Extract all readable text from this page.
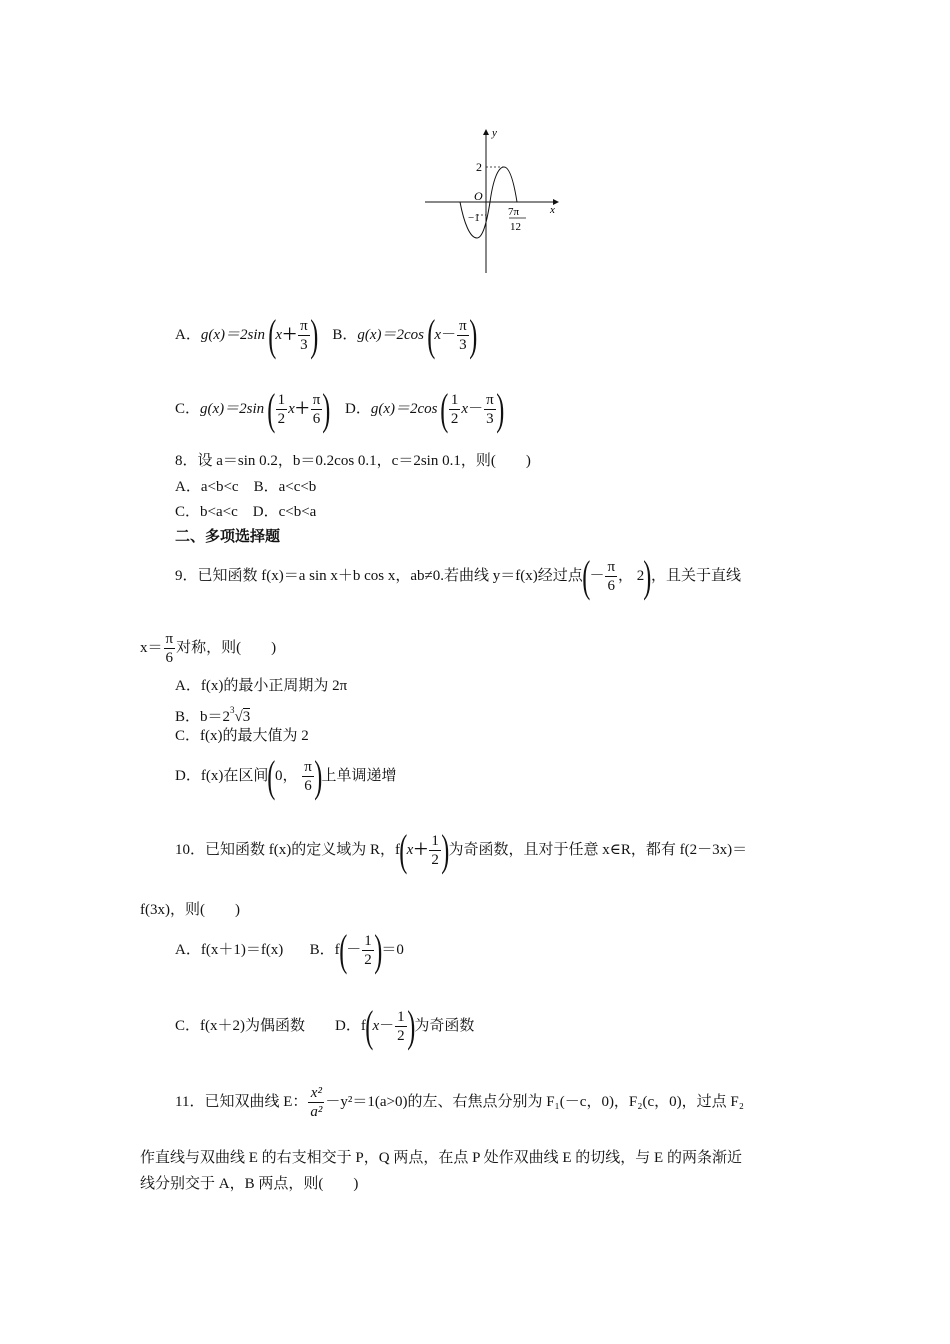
y
x
O
2
−1	7π
12
A．g(x)＝2sin ($x+ \frac{\pi}{3}$ ) B．g(x)＝2cos ($x- \frac{\pi}{3}$ )
C．g(x)＝2sin ( $\frac{1}{2} x+ \frac{\pi}{6}$ ) D．g(x)＝2cos ( $\frac{1}{2} x- \frac{\pi}{3}$ )
8．设 a＝sin 0.2，b＝0.2cos 0.1，c＝2sin 0.1，则(　　)
A．a<b<c　B．a<c<b
C．b<a<c　D．c<b<a
二、多项选择题
9．已知函数 f(x)＝a sin x＋b cos x，ab≠0.若曲线 y＝f(x)经过点(－ $\frac{\pi}{6}$ ， 2)，且关于直线
$x= \frac{\pi}{6}$ 对称，则(　　)
A．f(x)的最小正周期为 2π
B．$b=2^3√3$
C．f(x)的最大值为 2
D．f(x)在区间(0， $\frac{\pi}{6}$ )上单调递增
10．已知函数 f(x)的定义域为 R，$f(x+ \frac{1}{2}$ )为奇函数，且对于任意 x∈R，都有 f(2－3x)＝
f(3x)，则(　　)
A．f(x＋1)＝f(x) B．$f(- \frac{1}{2} )=0$
C．f(x＋2)为偶函数 D．$f(x- \frac{1}{2}$ )为奇函数
11．已知双曲线 E： $\frac{\text{x²}}{\text{a²}} -y^2=1(a>0)$的左、右焦点分别为 F₁(－c，0)，F₂(c，0)，过点 F₂
作直线与双曲线 E 的右支相交于 P，Q 两点，在点 P 处作双曲线 E 的切线，与 E 的两条渐近
线分别交于 A，B 两点，则(　　)
